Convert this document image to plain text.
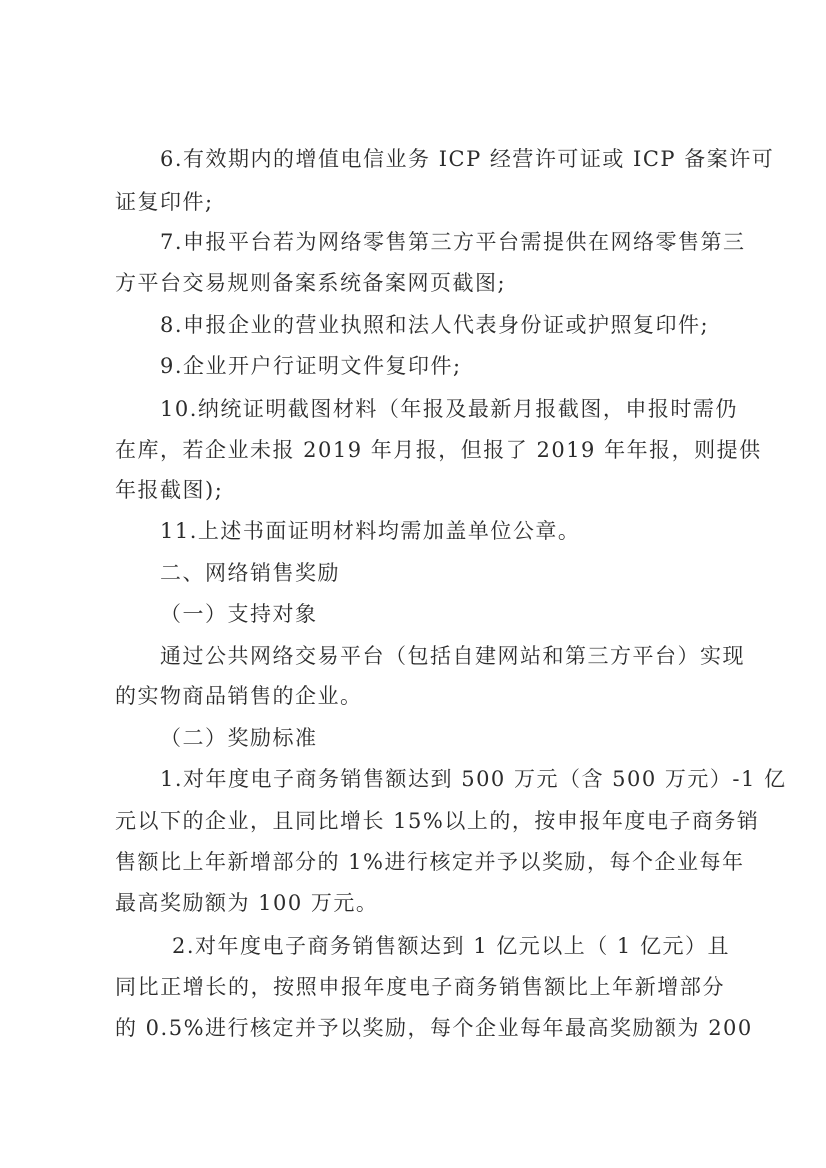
6.有效期内的增值电信业务 ICP 经营许可证或 ICP 备案许可
证复印件;
7.申报平台若为网络零售第三方平台需提供在网络零售第三
方平台交易规则备案系统备案网页截图;
8.申报企业的营业执照和法人代表身份证或护照复印件;
9.企业开户行证明文件复印件;
10.纳统证明截图材料（年报及最新月报截图，申报时需仍
在库，若企业未报 2019 年月报，但报了 2019 年年报，则提供
年报截图);
11.上述书面证明材料均需加盖单位公章。
二、网络销售奖励
（一）支持对象
通过公共网络交易平台（包括自建网站和第三方平台）实现
的实物商品销售的企业。
（二）奖励标准
1.对年度电子商务销售额达到 500 万元（含 500 万元）-1 亿
元以下的企业，且同比增长 15%以上的，按申报年度电子商务销
售额比上年新增部分的 1%进行核定并予以奖励，每个企业每年
最高奖励额为 100 万元。
2.对年度电子商务销售额达到 1 亿元以上（ 1 亿元）且
同比正增长的，按照申报年度电子商务销售额比上年新增部分
的 0.5%进行核定并予以奖励，每个企业每年最高奖励额为 200
